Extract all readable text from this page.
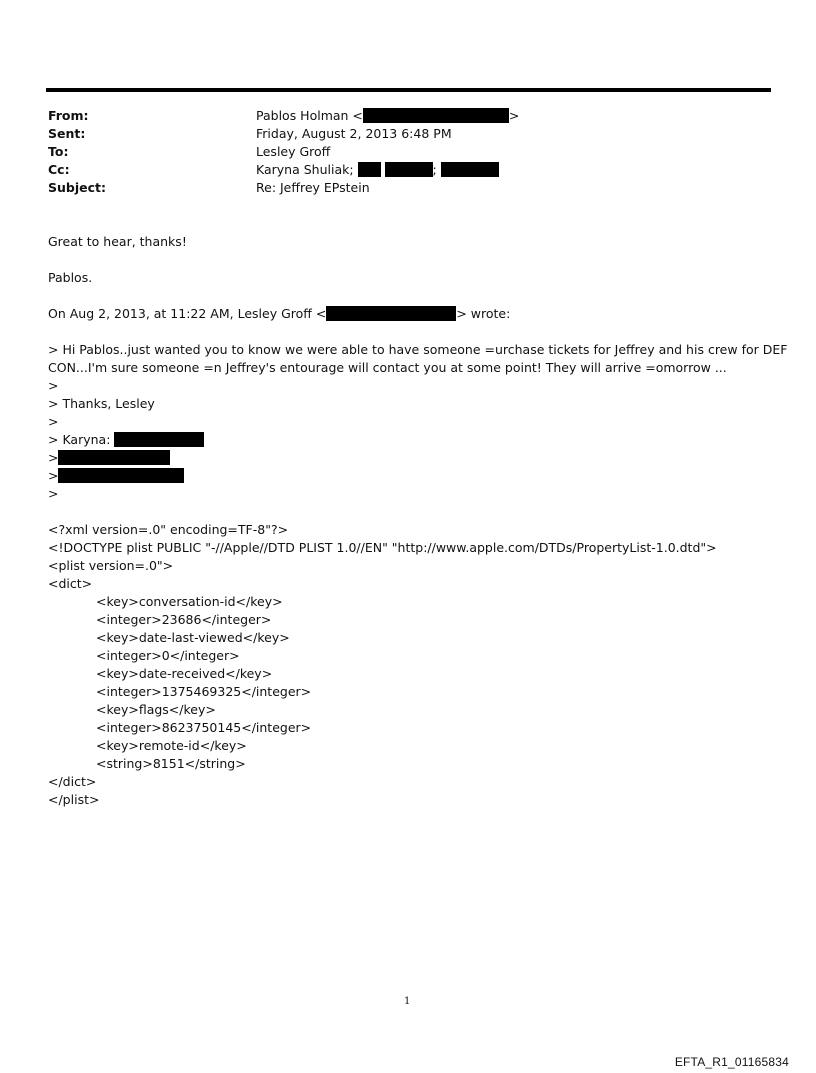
From:	Pablos Holman <	>
Sent:	Friday, August 2, 2013 6:48 PM
To:	Lesley Groff
Cc:	Karyna Shuliak;	;
Subject:	Re: Jeffrey EPstein
Great to hear, thanks!
Pablos.
On Aug 2, 2013, at 11:22 AM, Lesley Groff <	> wrote:
> Hi Pablos..just wanted you to know we were able to have someone =urchase tickets for Jeffrey and his crew for DEF
CON...I'm sure someone =n Jeffrey's entourage will contact you at some point! They will arrive =omorrow ...
>
> Thanks, Lesley
>
> Karyna:
>
>
>
<?xml version=.0" encoding=TF-8"?>
<!DOCTYPE plist PUBLIC "-//Apple//DTD PLIST 1.0//EN" "http://www.apple.com/DTDs/PropertyList-1.0.dtd">
<plist version=.0">
<dict>
<key>conversation-id</key>
<integer>23686</integer>
<key>date-last-viewed</key>
<integer>0</integer>
<key>date-received</key>
<integer>1375469325</integer>
<key>flags</key>
<integer>8623750145</integer>
<key>remote-id</key>
<string>8151</string>
</dict>
</plist>
1
EFTA_R1_01165834
